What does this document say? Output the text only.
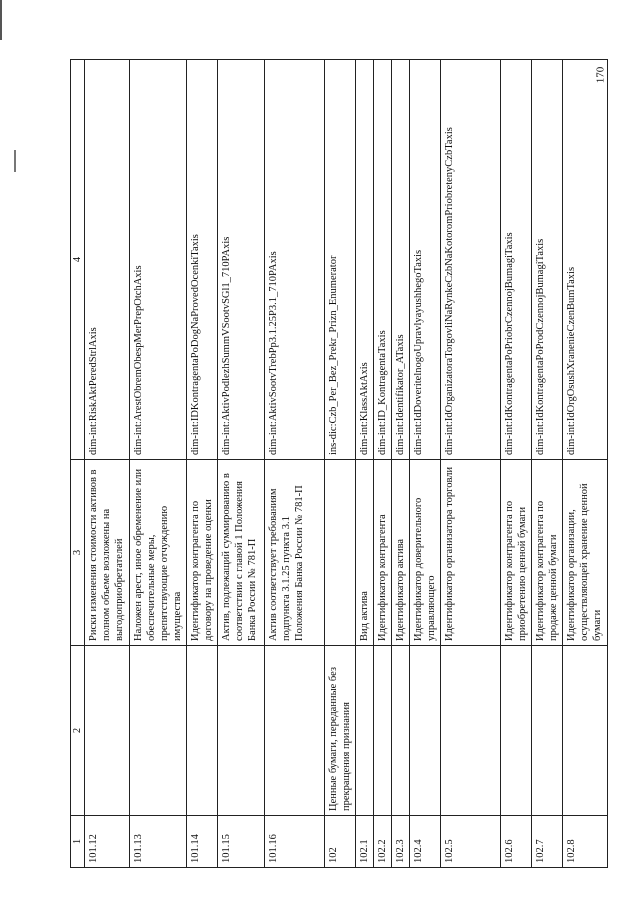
170
1	2	3	4
101.12		Риски изменения стоимости активов в полном объеме возложены на выгодоприобретателей	dim-int:RiskAktPeredStrlAxis
101.13		Наложен арест, иное обременение или обеспечительные меры, препятствующие отчуждению имущества	dim-int:ArestObremObespMerPrepOtchAxis
101.14		Идентификатор контрагента по договору на проведение оценки	dim-int:IDKontragentaPoDogNaProvedOcenkiTaxis
101.15		Актив, подлежащий суммированию в соответствии с главой 1 Положения Банка России № 781-П	dim-int:AktivPodlezhSummVSootvSGl1_710PAxis
101.16		Актив соответствует требованиям подпункта 3.1.25 пункта 3.1 Положения Банка России № 781-П	dim-int:AktivSootvTrebPp3.1.25P3.1_710PAxis
102	Ценные бумаги, переданные без прекращения признания		ins-dic:Czb_Per_Bez_Prekr_Prizn_Enumerator
102.1		Вид актива	dim-int:KlassAktAxis
102.2		Идентификатор контрагента	dim-int:ID_KontragentaTaxis
102.3		Идентификатор актива	dim-int:Identifikator_ATaxis
102.4		Идентификатор доверительного управляющего	dim-int:IdDoveritelnogoUpravlyayushhegoTaxis
102.5		Идентификатор организатора торговли	dim-int:IdOrganizatoraTorgovliNaRynkeCzbNaKotoromPriobretenyCzbTaxis
102.6		Идентификатор контрагента по приобретению ценной бумаги	dim-int:IdKontragentaPoPriobrCzennojBumagiTaxis
102.7		Идентификатор контрагента по продаже ценной бумаги	dim-int:IdKontragentaPoProdCzennojBumagiTaxis
102.8		Идентификатор организации, осуществляющей хранение ценной бумаги	dim-int:IdOrgOsushXranenieCzenBumTaxis
